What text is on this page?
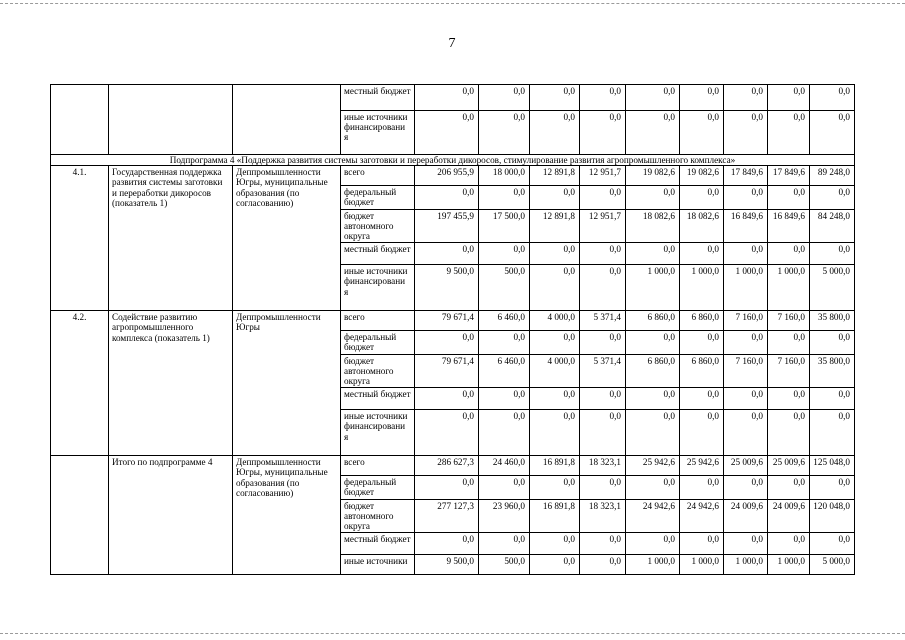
7
			местный бюджет	0,0	0,0	0,0	0,0	0,0	0,0	0,0	0,0	0,0
			иные источники финансировани я	0,0	0,0	0,0	0,0	0,0	0,0	0,0	0,0	0,0
Подпрограмма 4 «Поддержка развития системы заготовки и переработки дикоросов, стимулирование развития агропромышленного комплекса»												
4.1.	Государственная поддержка развития системы заготовки и переработки дикоросов (показатель 1)	Деппромышленности Югры, муниципальные образования (по согласованию)	всего	206 955,9	18 000,0	12 891,8	12 951,7	19 082,6	19 082,6	17 849,6	17 849,6	89 248,0
			федеральный бюджет	0,0	0,0	0,0	0,0	0,0	0,0	0,0	0,0	0,0
			бюджет автономного округа	197 455,9	17 500,0	12 891,8	12 951,7	18 082,6	18 082,6	16 849,6	16 849,6	84 248,0
			местный бюджет	0,0	0,0	0,0	0,0	0,0	0,0	0,0	0,0	0,0
			иные источники финансировани я	9 500,0	500,0	0,0	0,0	1 000,0	1 000,0	1 000,0	1 000,0	5 000,0
4.2.	Содействие развитию агропромышленного комплекса (показатель 1)	Деппромышленности Югры	всего	79 671,4	6 460,0	4 000,0	5 371,4	6 860,0	6 860,0	7 160,0	7 160,0	35 800,0
			федеральный бюджет	0,0	0,0	0,0	0,0	0,0	0,0	0,0	0,0	0,0
			бюджет автономного округа	79 671,4	6 460,0	4 000,0	5 371,4	6 860,0	6 860,0	7 160,0	7 160,0	35 800,0
			местный бюджет	0,0	0,0	0,0	0,0	0,0	0,0	0,0	0,0	0,0
			иные источники финансировани я	0,0	0,0	0,0	0,0	0,0	0,0	0,0	0,0	0,0
	Итого по подпрограмме 4	Деппромышленности Югры, муниципальные образования (по согласованию)	всего	286 627,3	24 460,0	16 891,8	18 323,1	25 942,6	25 942,6	25 009,6	25 009,6	125 048,0
			федеральный бюджет	0,0	0,0	0,0	0,0	0,0	0,0	0,0	0,0	0,0
			бюджет автономного округа	277 127,3	23 960,0	16 891,8	18 323,1	24 942,6	24 942,6	24 009,6	24 009,6	120 048,0
			местный бюджет	0,0	0,0	0,0	0,0	0,0	0,0	0,0	0,0	0,0
			иные источники	9 500,0	500,0	0,0	0,0	1 000,0	1 000,0	1 000,0	1 000,0	5 000,0
